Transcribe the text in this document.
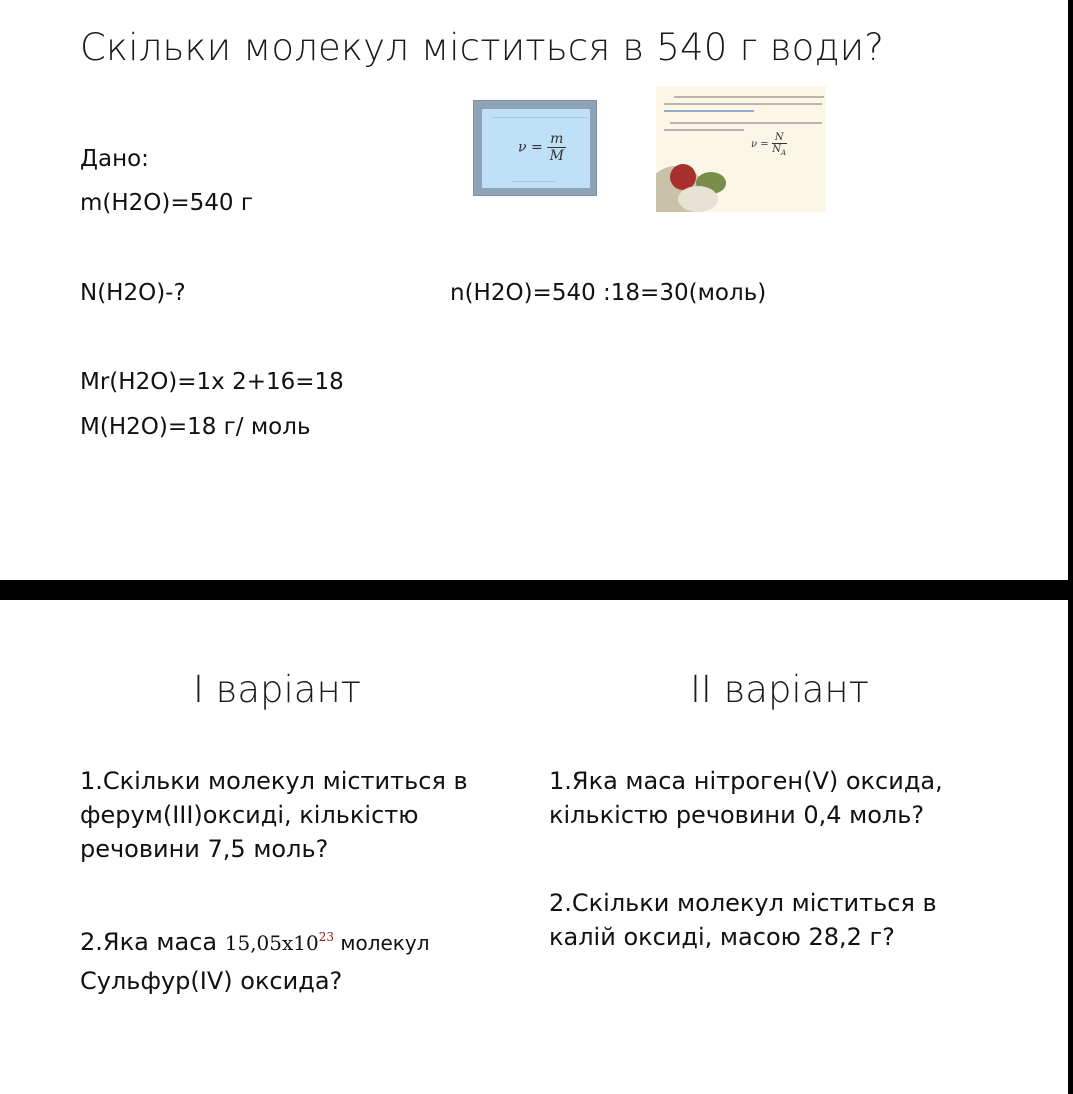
Скільки молекул міститься в 540 г води?
$\nu = \frac{m}{M}$	$\nu = \frac{N}{N_A}$
Дано:
m(H2O)=540 г
N(H2O)-?	n(H2O)=540 :18=30(моль)
Mr(H2O)=1х 2+16=18
M(H2O)=18 г/ моль
І варіант	ІІ варіант
1.Скільки молекул міститься в ферум(III)оксиді, кількістю речовини 7,5 моль?
2.Яка маса $15,05х10^{23}$ молекул
Сульфур(IV) оксида?
1.Яка маса нітроген(V) оксида, кількістю речовини 0,4 моль?
2.Скільки молекул міститься в калій оксиді, масою 28,2 г?
